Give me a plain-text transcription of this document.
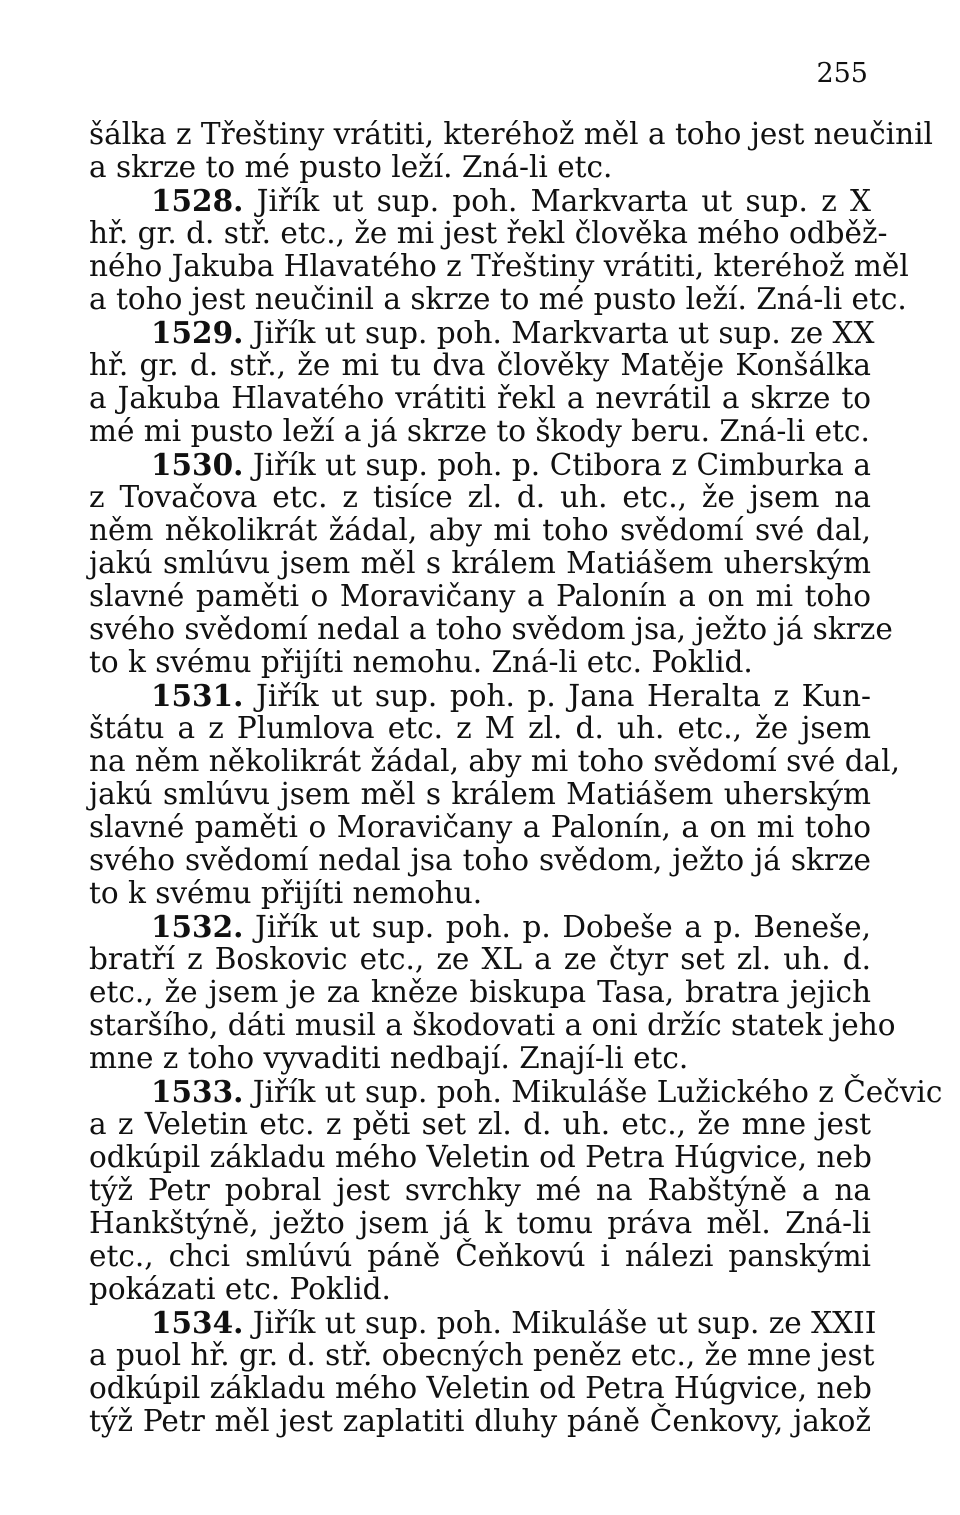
255
šálka z Třeštiny vrátiti, kteréhož měl a toho jest neučinil
a skrze to mé pusto leží. Zná-li etc.
1528. Jiřík ut sup. poh. Markvarta ut sup. z X
hř. gr. d. stř. etc., že mi jest řekl člověka mého odběž-
ného Jakuba Hlavatého z Třeštiny vrátiti, kteréhož měl
a toho jest neučinil a skrze to mé pusto leží. Zná-li etc.
1529. Jiřík ut sup. poh. Markvarta ut sup. ze XX
hř. gr. d. stř., že mi tu dva člověky Matěje Konšálka
a Jakuba Hlavatého vrátiti řekl a nevrátil a skrze to
mé mi pusto leží a já skrze to škody beru. Zná-li etc.
1530. Jiřík ut sup. poh. p. Ctibora z Cimburka a
z Tovačova etc. z tisíce zl. d. uh. etc., že jsem na
něm několikrát žádal, aby mi toho svědomí své dal,
jakú smlúvu jsem měl s králem Matiášem uherským
slavné paměti o Moravičany a Palonín a on mi toho
svého svědomí nedal a toho svědom jsa, ježto já skrze
to k svému přijíti nemohu. Zná-li etc. Poklid.
1531. Jiřík ut sup. poh. p. Jana Heralta z Kun-
štátu a z Plumlova etc. z M zl. d. uh. etc., že jsem
na něm několikrát žádal, aby mi toho svědomí své dal,
jakú smlúvu jsem měl s králem Matiášem uherským
slavné paměti o Moravičany a Palonín, a on mi toho
svého svědomí nedal jsa toho svědom, ježto já skrze
to k svému přijíti nemohu.
1532. Jiřík ut sup. poh. p. Dobeše a p. Beneše,
bratří z Boskovic etc., ze XL a ze čtyr set zl. uh. d.
etc., že jsem je za kněze biskupa Tasa, bratra jejich
staršího, dáti musil a škodovati a oni držíc statek jeho
mne z toho vyvaditi nedbají. Znají-li etc.
1533. Jiřík ut sup. poh. Mikuláše Lužického z Čečvic
a z Veletin etc. z pěti set zl. d. uh. etc., že mne jest
odkúpil základu mého Veletin od Petra Húgvice, neb
týž Petr pobral jest svrchky mé na Rabštýně a na
Hankštýně, ježto jsem já k tomu práva měl. Zná-li
etc., chci smlúvú páně Čeňkovú i nálezi panskými
pokázati etc. Poklid.
1534. Jiřík ut sup. poh. Mikuláše ut sup. ze XXII
a puol hř. gr. d. stř. obecných peněz etc., že mne jest
odkúpil základu mého Veletin od Petra Húgvice, neb
týž Petr měl jest zaplatiti dluhy páně Čenkovy, jakož
